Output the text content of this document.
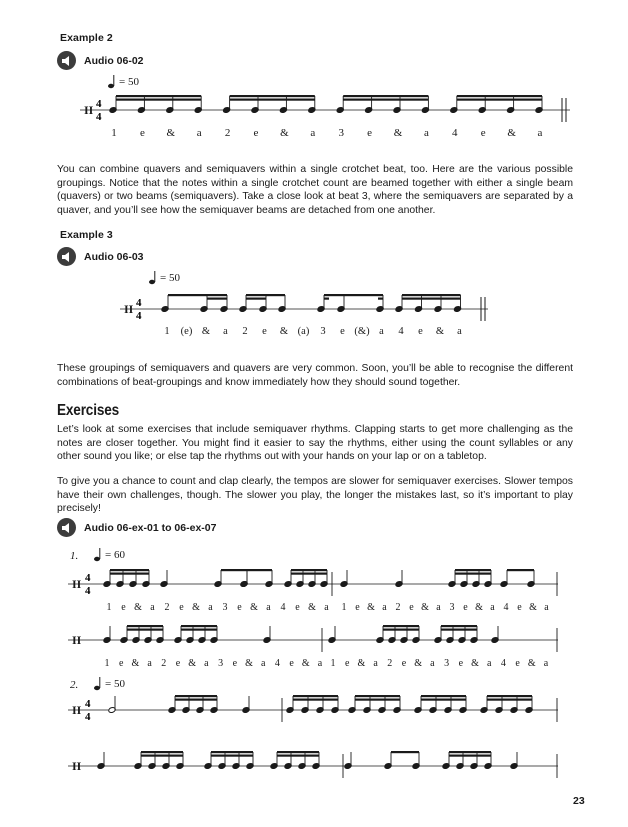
Example 2
Audio 06-02
= 50
II 4
4
1 e & a 2 e & a 3 e & a 4 e & a
You can combine quavers and semiquavers within a single crotchet beat, too. Here are the various possible groupings. Notice that the notes within a single crotchet count are beamed together with either a single beam (quavers) or two beams (semiquavers). Take a close look at beat 3, where the semiquavers are separated by a quaver, and you’ll see how the semiquaver beams are detached from one another.
Example 3
Audio 06-03
= 50
II 4
4
1 (e) & a 2 e & (a) 3 e (&) a 4 e & a
These groupings of semiquavers and quavers are very common. Soon, you’ll be able to recognise the different combinations of beat-groupings and know immediately how they should sound together.
Exercises
Let’s look at some exercises that include semiquaver rhythms. Clapping starts to get more challenging as the notes are closer together. You might find it easier to say the rhythms, either using the count syllables or any other sound you like; or else tap the rhythms out with your hands on your lap or on a tabletop.
To give you a chance to count and clap clearly, the tempos are slower for semiquaver exercises. Slower tempos have their own challenges, though. The slower you play, the longer the mistakes last, so it’s important to play precisely!
Audio 06-ex-01 to 06-ex-07
1. = 60
II 4
4
1 e & a 2 e & a 3 e & a 4 e & a 1 e & a 2 e & a 3 e & a 4 e & a
II
1 e & a 2 e & a 3 e & a 4 e & a 1 e & a 2 e & a 3 e & a 4 e & a
2. = 50
II 4
4
II
23
